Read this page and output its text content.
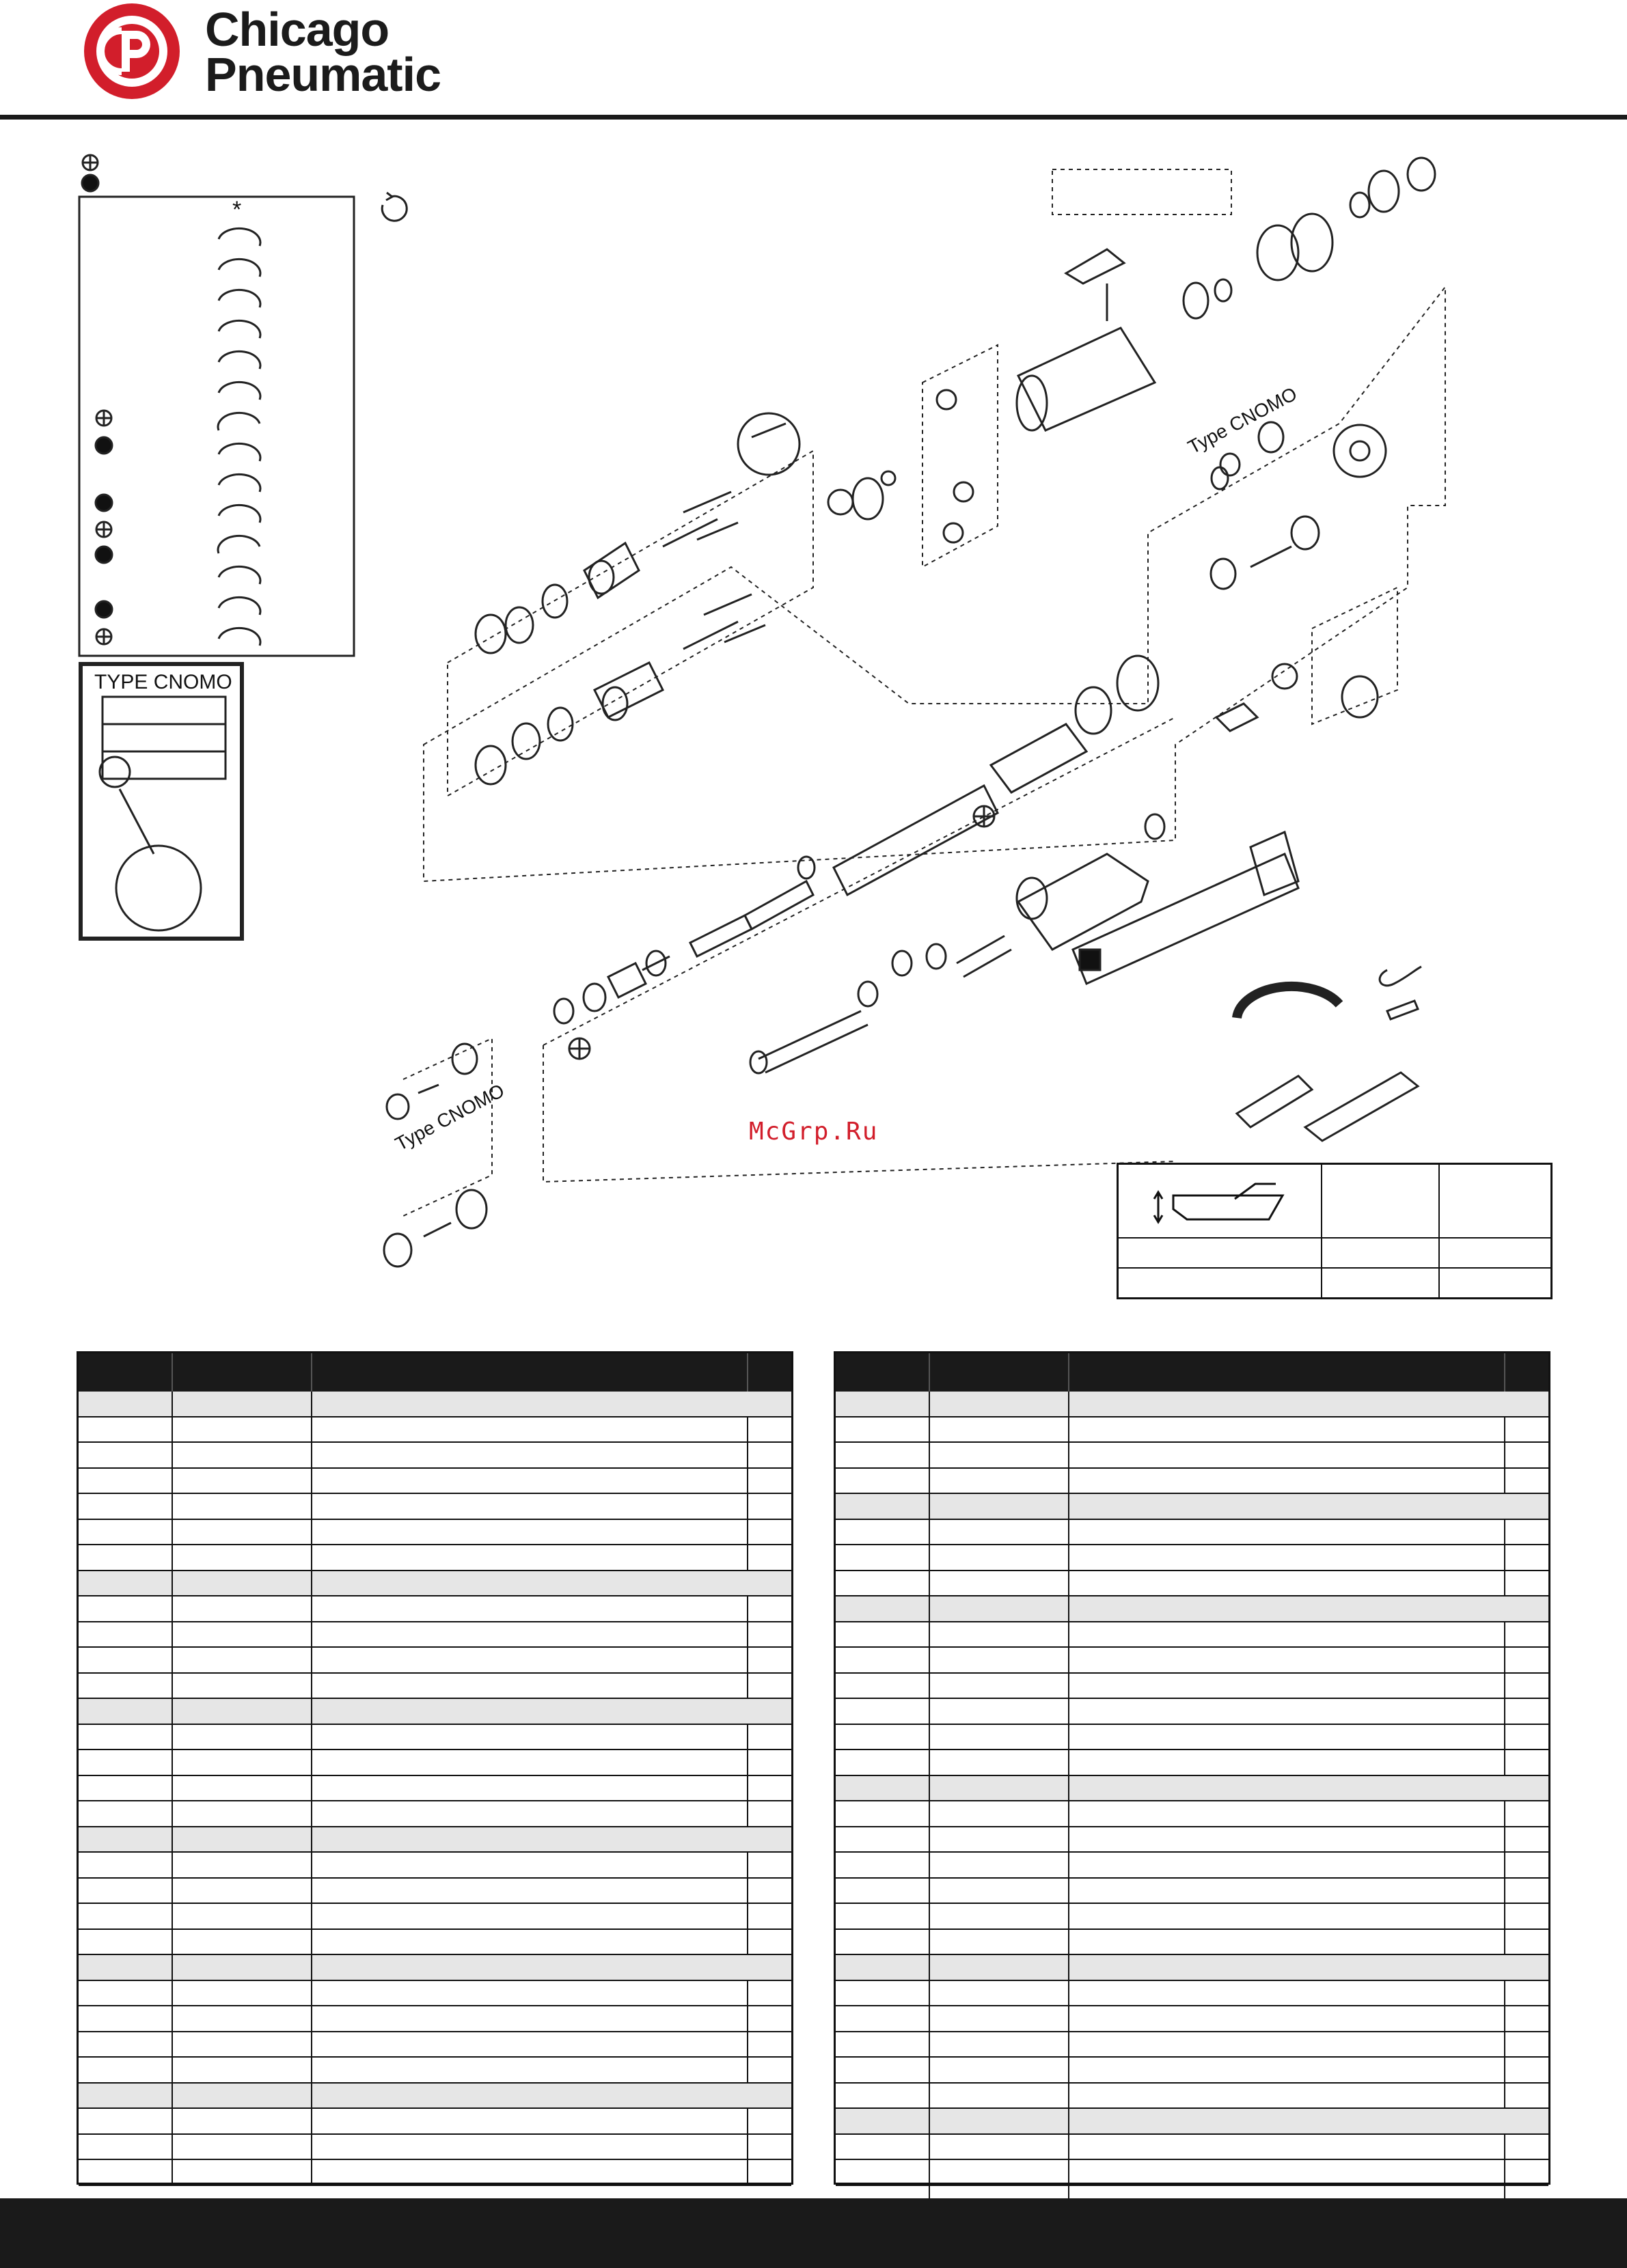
Chicago
Pneumatic
*
TYPE CNOMO
Type CNOMO
Type CNOMO
McGrp.Ru
